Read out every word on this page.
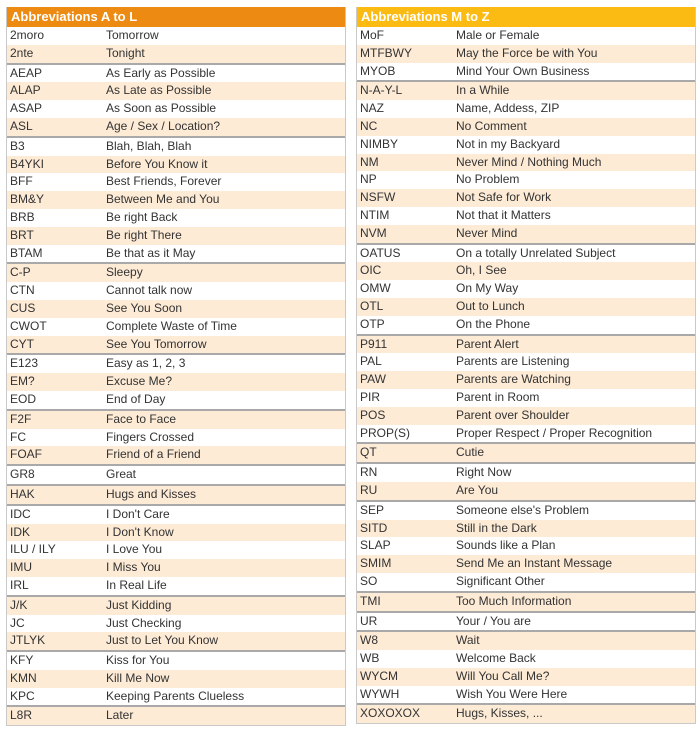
Abbreviations A to L
2moro	Tomorrow
2nte	Tonight
AEAP	As Early as Possible
ALAP	As Late as Possible
ASAP	As Soon as Possible
ASL	Age / Sex / Location?
B3	Blah, Blah, Blah
B4YKI	Before You Know it
BFF	Best Friends, Forever
BM&Y	Between Me and You
BRB	Be right Back
BRT	Be right There
BTAM	Be that as it May
C-P	Sleepy
CTN	Cannot talk now
CUS	See You Soon
CWOT	Complete Waste of Time
CYT	See You Tomorrow
E123	Easy as 1, 2, 3
EM?	Excuse Me?
EOD	End of Day
F2F	Face to Face
FC	Fingers Crossed
FOAF	Friend of a Friend
GR8	Great
HAK	Hugs and Kisses
IDC	I Don't Care
IDK	I Don't Know
ILU / ILY	I Love You
IMU	I Miss You
IRL	In Real Life
J/K	Just Kidding
JC	Just Checking
JTLYK	Just to Let You Know
KFY	Kiss for You
KMN	Kill Me Now
KPC	Keeping Parents Clueless
L8R	Later
Abbreviations M to Z
MoF	Male or Female
MTFBWY	May the Force be with You
MYOB	Mind Your Own Business
N-A-Y-L	In a While
NAZ	Name, Addess, ZIP
NC	No Comment
NIMBY	Not in my Backyard
NM	Never Mind / Nothing Much
NP	No Problem
NSFW	Not Safe for Work
NTIM	Not that it Matters
NVM	Never Mind
OATUS	On a totally Unrelated Subject
OIC	Oh, I See
OMW	On My Way
OTL	Out to Lunch
OTP	On the Phone
P911	Parent Alert
PAL	Parents are Listening
PAW	Parents are Watching
PIR	Parent in Room
POS	Parent over Shoulder
PROP(S)	Proper Respect / Proper Recognition
QT	Cutie
RN	Right Now
RU	Are You
SEP	Someone else's Problem
SITD	Still in the Dark
SLAP	Sounds like a Plan
SMIM	Send Me an Instant Message
SO	Significant Other
TMI	Too Much Information
UR	Your / You are
W8	Wait
WB	Welcome Back
WYCM	Will You Call Me?
WYWH	Wish You Were Here
XOXOXOX	Hugs, Kisses, ...
